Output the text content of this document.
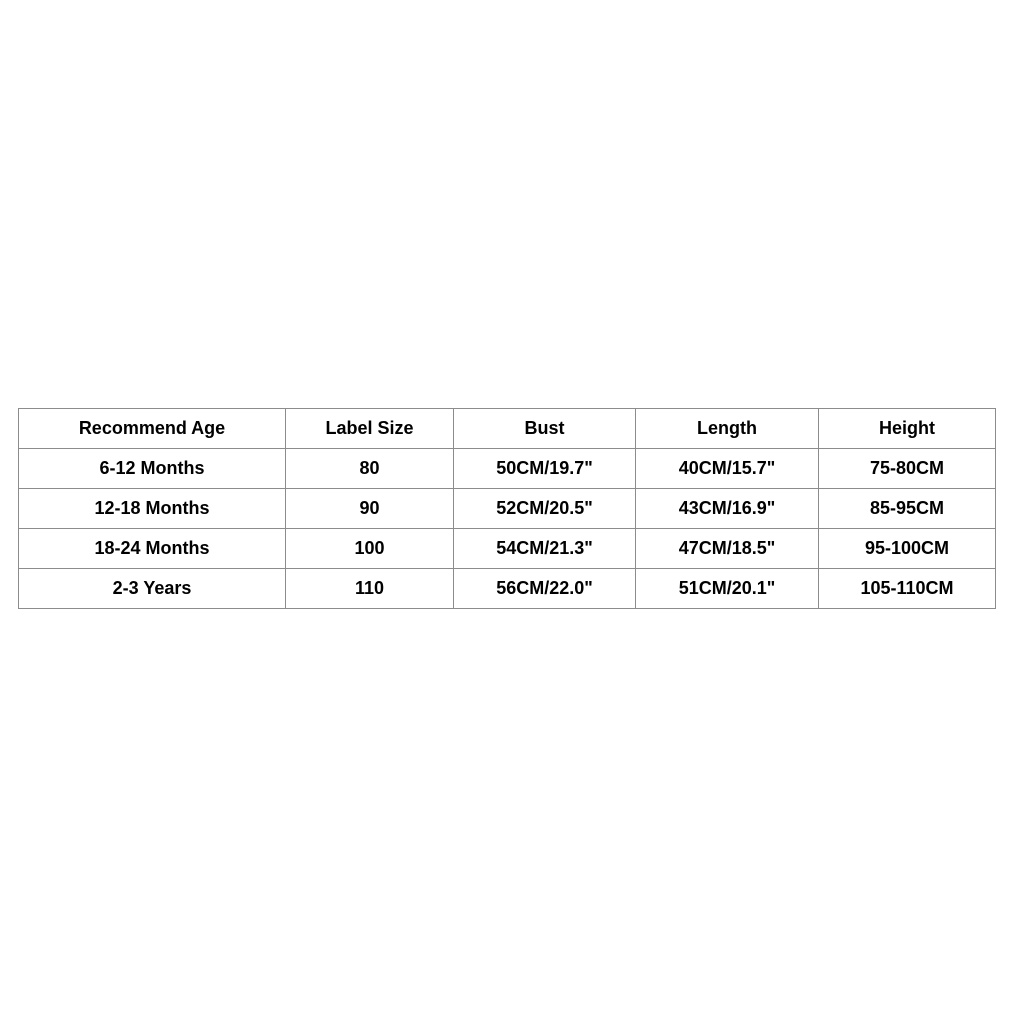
Recommend Age	Label Size	Bust	Length	Height
6-12 Months	80	50CM/19.7"	40CM/15.7"	75-80CM
12-18 Months	90	52CM/20.5"	43CM/16.9"	85-95CM
18-24 Months	100	54CM/21.3"	47CM/18.5"	95-100CM
2-3 Years	110	56CM/22.0"	51CM/20.1"	105-110CM
